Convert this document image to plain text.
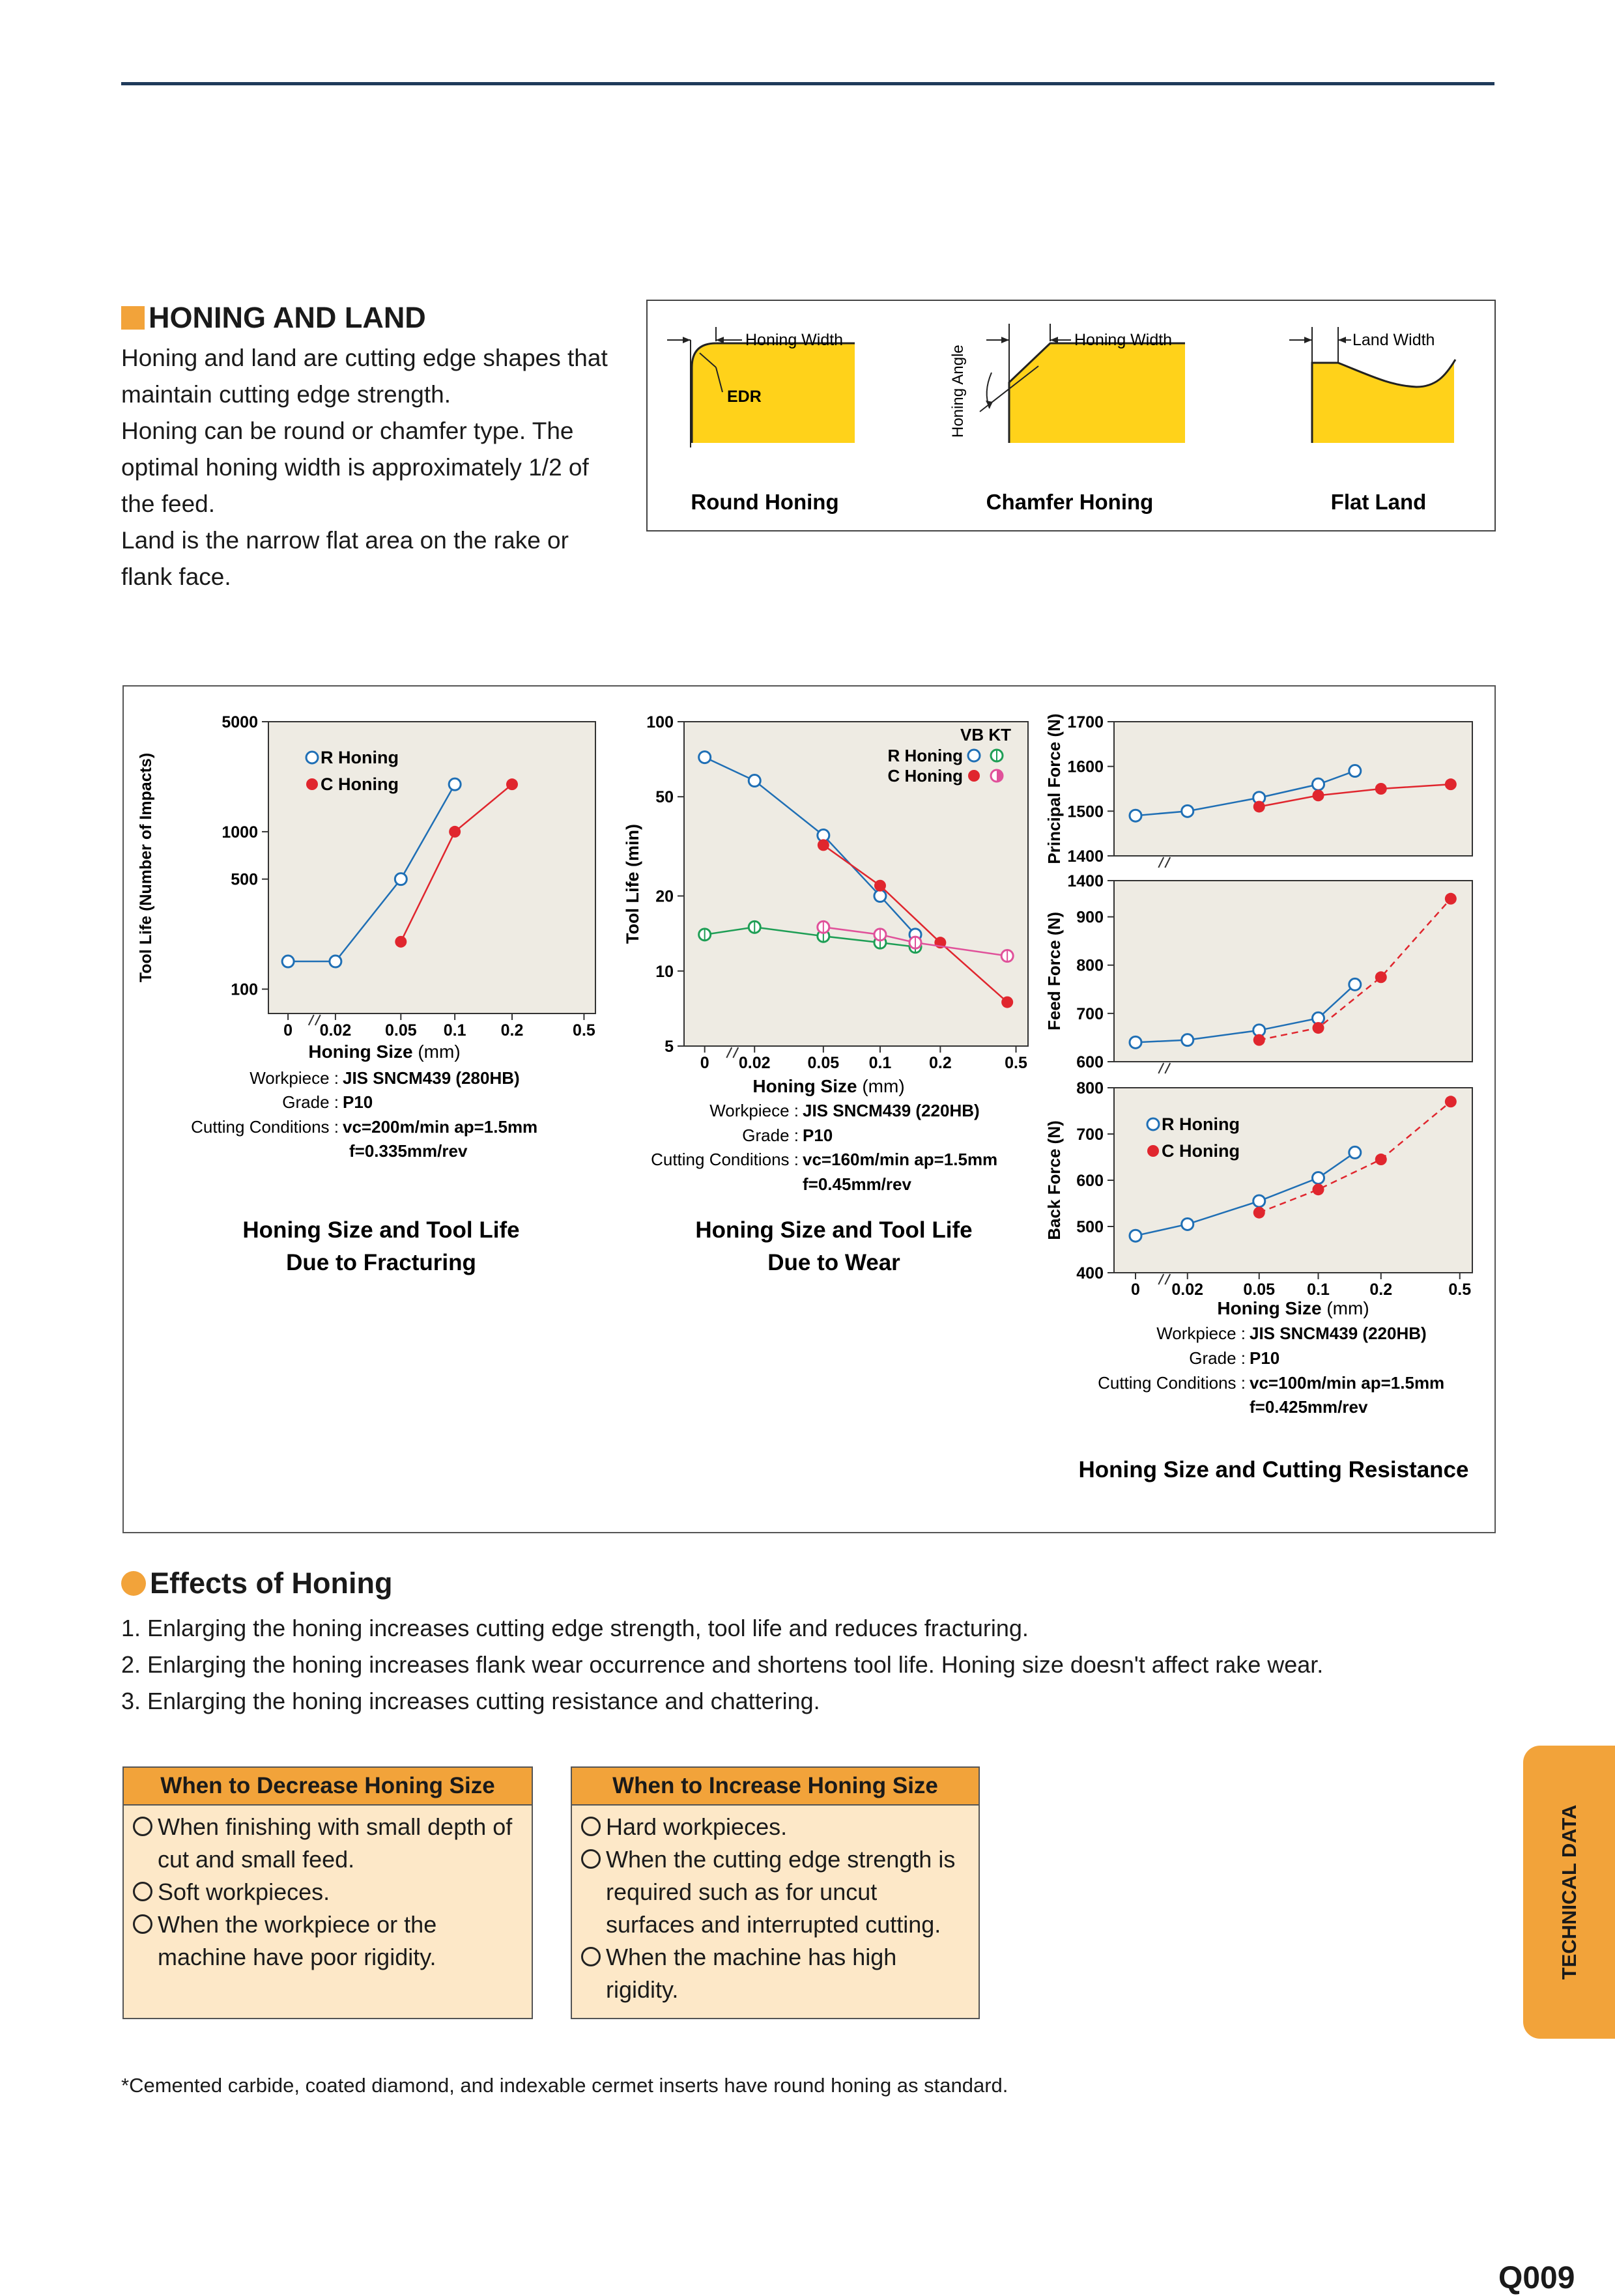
HONING AND LAND

Honing and land are cutting edge shapes that maintain cutting edge strength.

Honing can be round or chamfer type. The optimal honing width is approximately 1/2 of the feed.

Land is the narrow flat area on the rake or flank face.

Honing Width
EDR
Round Honing
Honing Angle
Honing Width
Chamfer Honing
Land Width
Flat Land
5000
1000
500
100
0 0.02 0.05 0.1 0.2	0.5
Tool Life (Number of Impacts)
Honing Size (mm)
Workpiece : JIS SNCM439 (280HB)
Grade : P10
Cutting Conditions : vc=200m/min ap=1.5mm
f=0.335mm/rev
Honing Size and Tool Life
Due to Fracturing
R Honing
C Honing
100
50
20
10
5
0 0.02 0.05 0.1 0.2	0.5
Tool Life (min)
Honing Size (mm)
Workpiece : JIS SNCM439 (220HB)
Grade : P10
Cutting Conditions : vc=160m/min ap=1.5mm
f=0.45mm/rev
Honing Size and Tool Life
Due to Wear
VB KT
R Honing
C Honing
1700
1600
1500
1400
Principal Force (N)
1400
900
800
700
600
Feed Force (N)
800
700
600
500
400
0 0.02 0.05 0.1 0.2	0.5
Back Force (N)	R Honing
C Honing
Honing Size (mm)
Workpiece : JIS SNCM439 (220HB)
Grade : P10
Cutting Conditions : vc=100m/min ap=1.5mm
f=0.425mm/rev
Honing Size and Cutting Resistance
Effects of Honing
1. Enlarging the honing increases cutting edge strength, tool life and reduces fracturing.
2. Enlarging the honing increases flank wear occurrence and shortens tool life. Honing size doesn't affect rake wear.
3. Enlarging the honing increases cutting resistance and chattering.
When to Decrease Honing Size
When finishing with small depth of cut and small feed.
Soft workpieces.
When the workpiece or the machine have poor rigidity.
When to Increase Honing Size
Hard workpieces.
When the cutting edge strength is required such as for uncut surfaces and interrupted cutting.
When the machine has high rigidity.
*Cemented carbide, coated diamond, and indexable cermet inserts have round honing as standard.
TECHNICAL DATA
Q009
